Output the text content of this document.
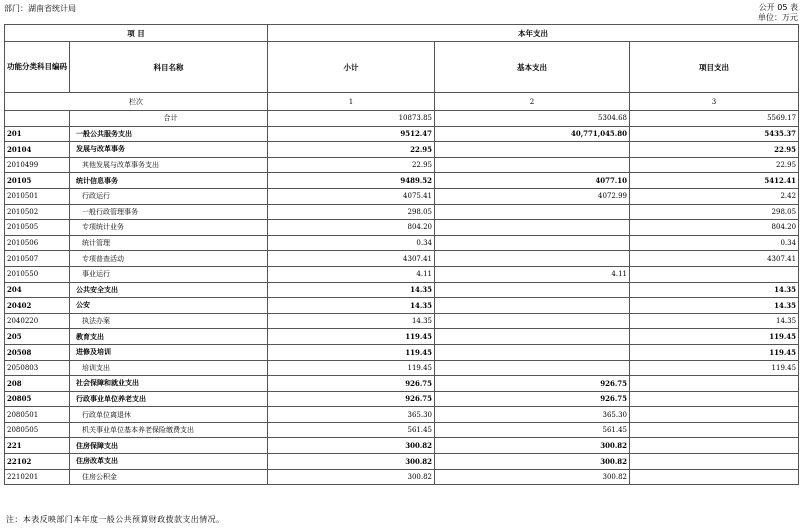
部门：湖南省统计局	公开 05 表
单位：万元
项 目		本年支出		
功能分类科目编码	科目名称	小计	基本支出	项目支出
栏次		1	2	3
	合计	10873.85	5304.68	5569.17
201	一般公共服务支出	9512.47	40,771,045.80	5435.37
20104	发展与改革事务	22.95		22.95
2010499	其他发展与改革事务支出	22.95		22.95
20105	统计信息事务	9489.52	4077.10	5412.41
2010501	行政运行	4075.41	4072.99	2.42
2010502	一般行政管理事务	298.05		298.05
2010505	专项统计业务	804.20		804.20
2010506	统计管理	0.34		0.34
2010507	专项普查活动	4307.41		4307.41
2010550	事业运行	4.11	4.11	
204	公共安全支出	14.35		14.35
20402	公安	14.35		14.35
2040220	执法办案	14.35		14.35
205	教育支出	119.45		119.45
20508	进修及培训	119.45		119.45
2050803	培训支出	119.45		119.45
208	社会保障和就业支出	926.75	926.75	
20805	行政事业单位养老支出	926.75	926.75	
2080501	行政单位离退休	365.30	365.30	
2080505	机关事业单位基本养老保险缴费支出	561.45	561.45	
221	住房保障支出	300.82	300.82	
22102	住房改革支出	300.82	300.82	
2210201	住房公积金	300.82	300.82	
注：本表反映部门本年度一般公共预算财政拨款支出情况。
